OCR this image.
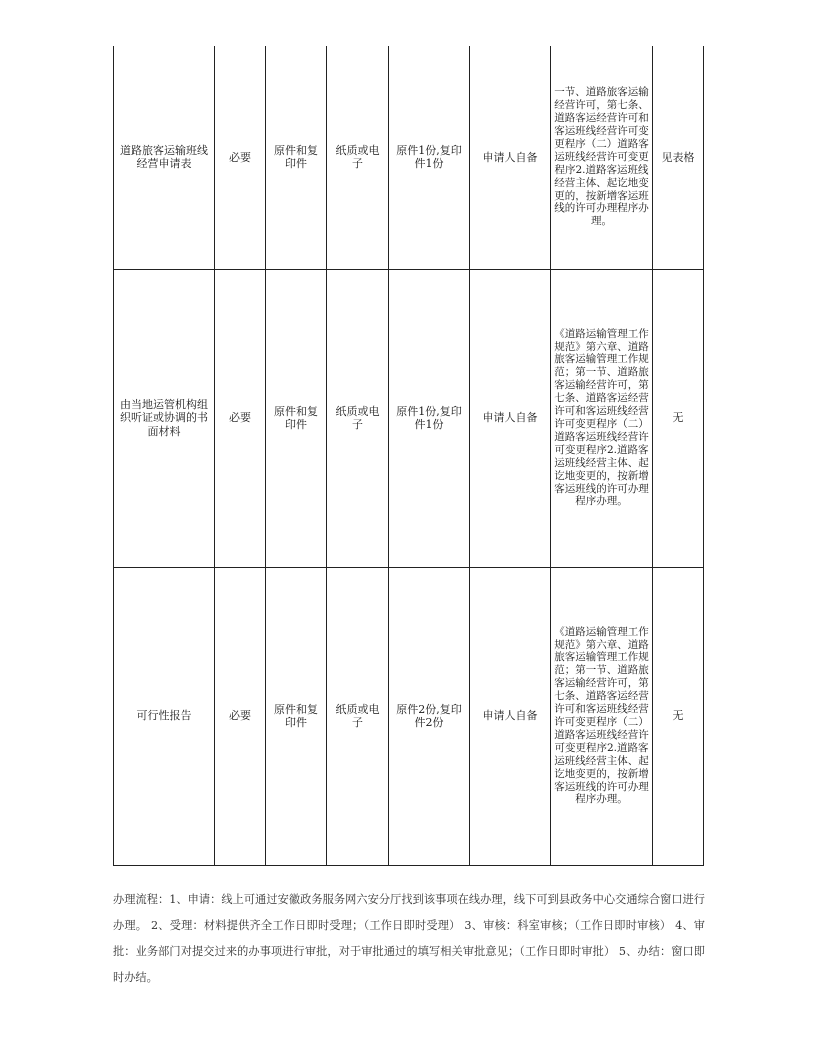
道路旅客运输班线经营申请表	必要	原件和复印件	纸质或电子	原件1份,复印件1份	申请人自备	一节、道路旅客运输经营许可，第七条、道路客运经营许可和客运班线经营许可变更程序（二）道路客运班线经营许可变更程序2.道路客运班线经营主体、起讫地变更的，按新增客运班线的许可办理程序办理。	见表格

由当地运管机构组织听证或协调的书面材料	必要	原件和复印件	纸质或电子	原件1份,复印件1份	申请人自备	《道路运输管理工作规范》第六章、道路旅客运输管理工作规范；第一节、道路旅客运输经营许可，第七条、道路客运经营许可和客运班线经营许可变更程序（二）道路客运班线经营许可变更程序2.道路客运班线经营主体、起讫地变更的，按新增客运班线的许可办理程序办理。	无

可行性报告	必要	原件和复印件	纸质或电子	原件2份,复印件2份	申请人自备	《道路运输管理工作规范》第六章、道路旅客运输管理工作规范；第一节、道路旅客运输经营许可，第七条、道路客运经营许可和客运班线经营许可变更程序（二）道路客运班线经营许可变更程序2.道路客运班线经营主体、起讫地变更的，按新增客运班线的许可办理程序办理。	无
办理流程：1、申请：线上可通过安徽政务服务网六安分厅找到该事项在线办理，线下可到县政务中心交通综合窗口进行办理。 2、受理：材料提供齐全工作日即时受理；（工作日即时受理） 3、审核：科室审核；（工作日即时审核） 4、审批：业务部门对提交过来的办事项进行审批，对于审批通过的填写相关审批意见；（工作日即时审批） 5、办结：窗口即时办结。
